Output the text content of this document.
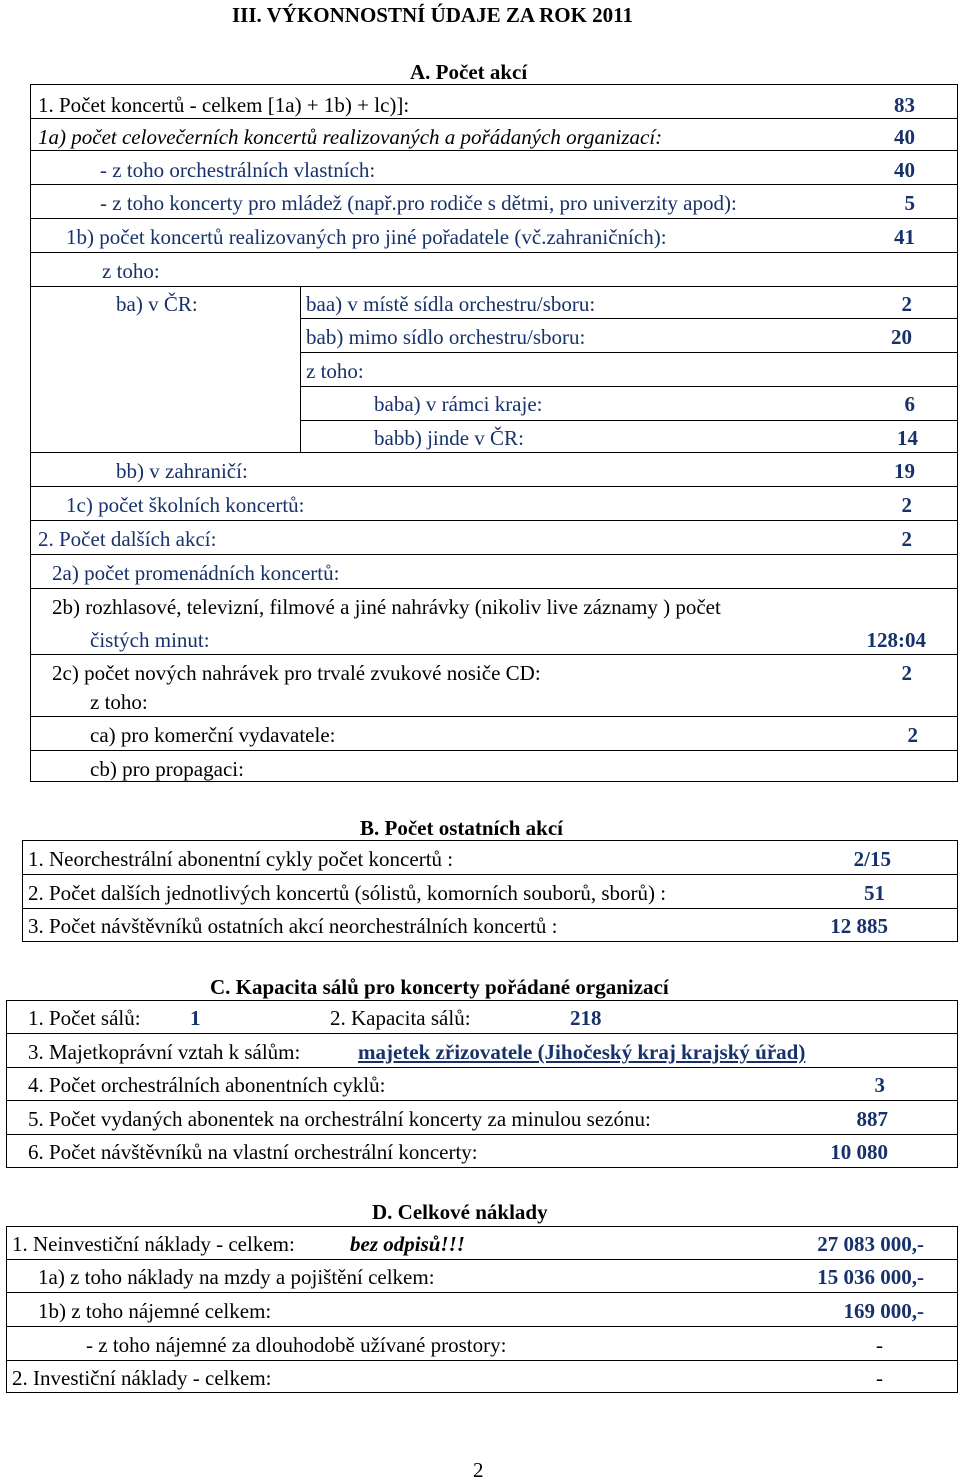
III. VÝKONNOSTNÍ ÚDAJE ZA ROK 2011
A. Počet akcí
1. Počet koncertů - celkem [1a) + 1b) + lc)]:	83
1a) počet celovečerních koncertů realizovaných a pořádaných organizací:	40
- z toho orchestrálních vlastních:	40
- z toho koncerty pro mládež (např.pro rodiče s dětmi, pro univerzity apod):	5
1b) počet koncertů realizovaných pro jiné pořadatele (vč.zahraničních):	41
z toho:
ba) v ČR:	baa) v místě sídla orchestru/sboru:	2
bab) mimo sídlo orchestru/sboru:	20
z toho:
baba) v rámci kraje:	6
babb) jinde v ČR:	14
bb) v zahraničí:	19
1c) počet školních koncertů:	2
2. Počet dalších akcí:	2
2a) počet promenádních koncertů:
2b) rozhlasové, televizní, filmové a jiné nahrávky (nikoliv live záznamy ) počet
čistých minut:	128:04
2c) počet nových nahrávek pro trvalé zvukové nosiče CD:	2
z toho:
ca) pro komerční vydavatele:	2
cb) pro propagaci:
B. Počet ostatních akcí
1. Neorchestrální abonentní cykly počet koncertů :	2/15
2. Počet dalších jednotlivých koncertů (sólistů, komorních souborů, sborů) :	51
3. Počet návštěvníků ostatních akcí neorchestrálních koncertů :	12 885
C. Kapacita sálů pro koncerty pořádané organizací
1. Počet sálů: 1	2. Kapacita sálů:	218
3. Majetkoprávní vztah k sálům:	majetek zřizovatele (Jihočeský kraj krajský úřad)
4. Počet orchestrálních abonentních cyklů:	3
5. Počet vydaných abonentek na orchestrální koncerty za minulou sezónu:	887
6. Počet návštěvníků na vlastní orchestrální koncerty:	10 080
D. Celkové náklady
1. Neinvestiční náklady - celkem:	bez odpisů!!!	27 083 000,-
1a) z toho náklady na mzdy a pojištění celkem:	15 036 000,-
1b) z toho nájemné celkem:	169 000,-
- z toho nájemné za dlouhodobě užívané prostory:	-
2. Investiční náklady - celkem:	-
2
